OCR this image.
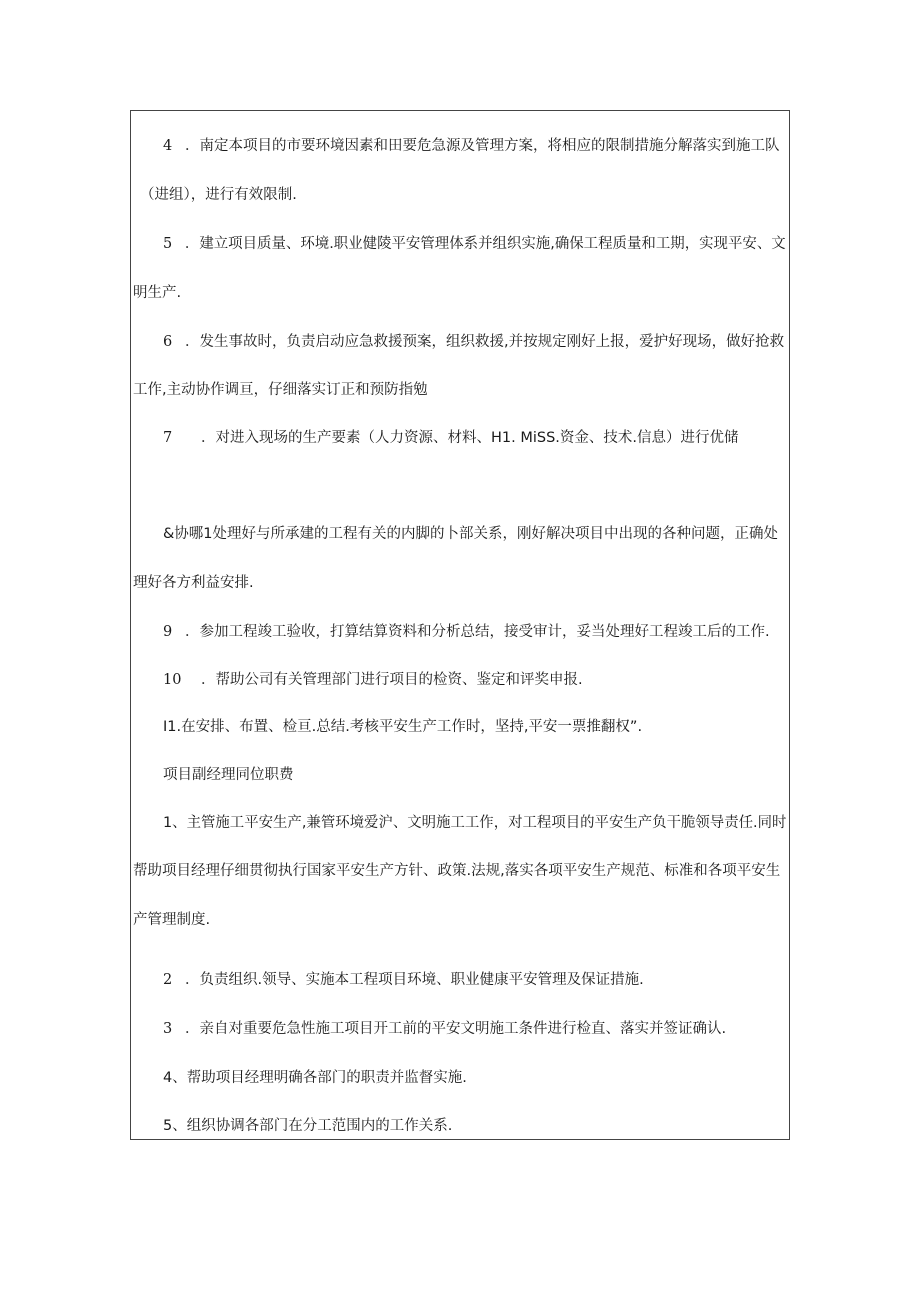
4 ．南定本项目的市要环境因素和田要危急源及管理方案，将相应的限制措施分解落实到施工队
（进组），进行有效限制.
5 ．建立项目质量、环境.职业健陵平安管理体系并组织实施,确保工程质量和工期，实现平安、文
明生产.
6 ．发生事故时，负责启动应急救援预案，组织救援,并按规定刚好上报，爱护好现场，做好抢救
工作,主动协作调亘，仔细落实订正和预防指勉
7 ．对进入现场的生产要素（人力资源、材料、H1. MiSS.资金、技术.信息）进行优储
&协哪1处理好与所承建的工程有关的内脚的卜部关系，刚好解决项目中出现的各种问题，正确处
理好各方利益安排.
9 ．参加工程竣工验收，打算结算资料和分析总结，接受审计，妥当处理好工程竣工后的工作.
10 ．帮助公司有关管理部门进行项目的检资、鉴定和评奖申报.
I1.在安排、布置、检亘.总结.考核平安生产工作时，坚持,平安一票推翻权”.
项目副经理同位职费
1、主管施工平安生产,兼管环境爱沪、文明施工工作，对工程项目的平安生产负干脆领导责任.同时
帮助项目经理仔细贯彻执行国家平安生产方针、政策.法规,落实各项平安生产规范、标准和各项平安生
产管理制度.
2 ．负责组织.领导、实施本工程项目环境、职业健康平安管理及保证措施.
3 ．亲自对重要危急性施工项目开工前的平安文明施工条件进行检直、落实并签证确认.
4、帮助项目经理明确各部门的职责并监督实施.
5、组织协调各部门在分工范围内的工作关系.
